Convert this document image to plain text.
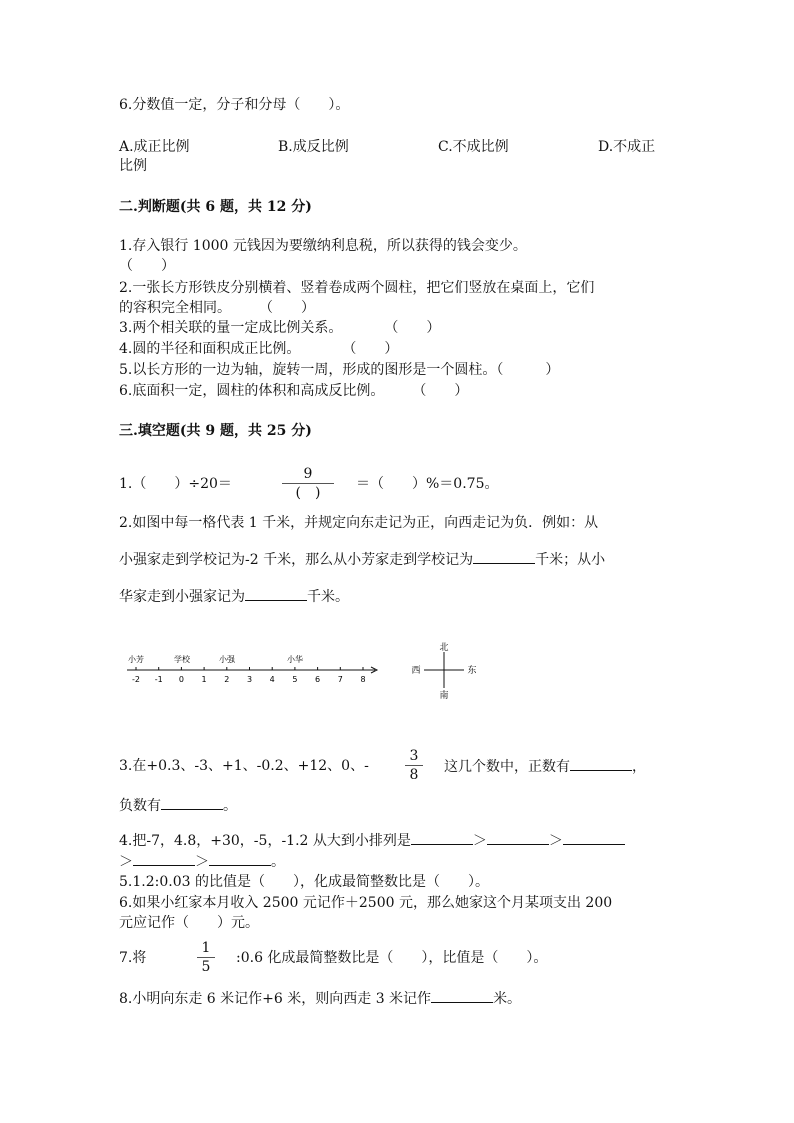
6.分数值一定，分子和分母（　　）。
A.成正比例	B.成反比例	C.不成比例	D.不成正
比例
二.判断题(共 6 题，共 12 分)
1.存入银行 1000 元钱因为要缴纳利息税，所以获得的钱会变少。
（　　）
2.一张长方形铁皮分别横着、竖着卷成两个圆柱，把它们竖放在桌面上，它们
的容积完全相同。　　　（　　）
3.两个相关联的量一定成比例关系。　　　　（　　）
4.圆的半径和面积成正比例。　　　　（　　）
5.以长方形的一边为轴，旋转一周，形成的图形是一个圆柱。（　　　）
6.底面积一定，圆柱的体积和高成反比例。　　　（　　）
三.填空题(共 9 题，共 25 分)
1.（　　）÷20＝
9
(　)
＝（　　）%＝0.75。
2.如图中每一格代表 1 千米，并规定向东走记为正，向西走记为负．例如：从
小强家走到学校记为-2 千米，那么从小芳家走到学校记为	千米；从小
华家走到小强家记为	千米。
-2 -1 0 1 2 3 4 5 6 7 8
小芳	学校	小强	小华
北
南
西	东
3.在+0.3、-3、+1、-0.2、+12、0、-
3
8	这几个数中，正数有	，
负数有	。
4.把-7，4.8，+30，-5，-1.2 从大到小排列是	＞	＞
＞	＞	。
5.1.2:0.03 的比值是（　　），化成最简整数比是（　　）。
6.如果小红家本月收入 2500 元记作＋2500 元，那么她家这个月某项支出 200
元应记作（　　）元。
7.将
1
5
:0.6 化成最简整数比是（　　），比值是（　　）。
8.小明向东走 6 米记作+6 米，则向西走 3 米记作	米。
